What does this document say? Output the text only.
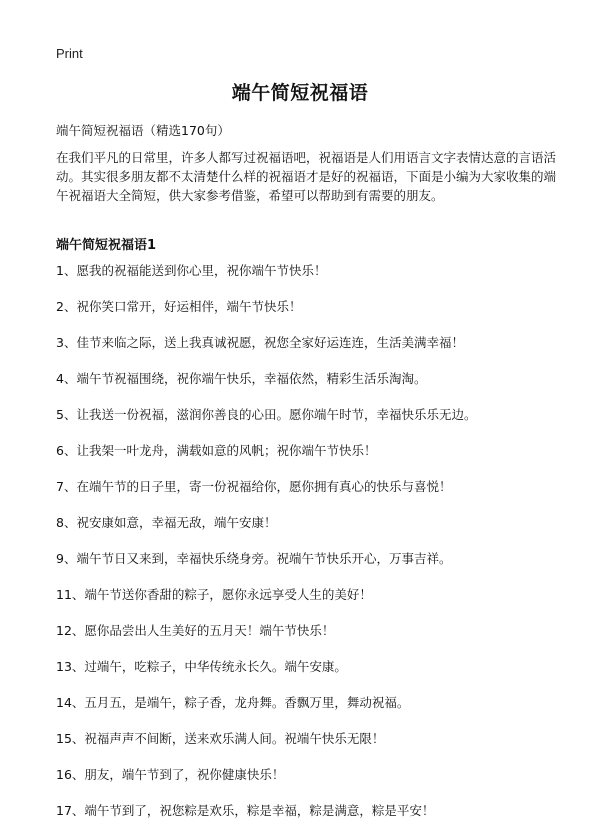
Print
端午简短祝福语
端午简短祝福语（精选170句）
在我们平凡的日常里，许多人都写过祝福语吧，祝福语是人们用语言文字表情达意的言语活动。其实很多朋友都不太清楚什么样的祝福语才是好的祝福语，下面是小编为大家收集的端午祝福语大全简短，供大家参考借鉴，希望可以帮助到有需要的朋友。
端午简短祝福语1
1、愿我的祝福能送到你心里，祝你端午节快乐！
2、祝你笑口常开，好运相伴，端午节快乐！
3、佳节来临之际，送上我真诚祝愿，祝您全家好运连连，生活美满幸福！
4、端午节祝福围绕，祝你端午快乐，幸福依然，精彩生活乐淘淘。
5、让我送一份祝福，滋润你善良的心田。愿你端午时节，幸福快乐乐无边。
6、让我架一叶龙舟，满载如意的风帆；祝你端午节快乐！
7、在端午节的日子里，寄一份祝福给你，愿你拥有真心的快乐与喜悦！
8、祝安康如意，幸福无敌，端午安康！
9、端午节日又来到，幸福快乐绕身旁。祝端午节快乐开心，万事吉祥。
11、端午节送你香甜的粽子，愿你永远享受人生的美好！
12、愿你品尝出人生美好的五月天！端午节快乐！
13、过端午，吃粽子，中华传统永长久。端午安康。
14、五月五，是端午，粽子香，龙舟舞。香飘万里，舞动祝福。
15、祝福声声不间断，送来欢乐满人间。祝端午快乐无限！
16、朋友，端午节到了，祝你健康快乐！
17、端午节到了，祝您粽是欢乐，粽是幸福，粽是满意，粽是平安！
